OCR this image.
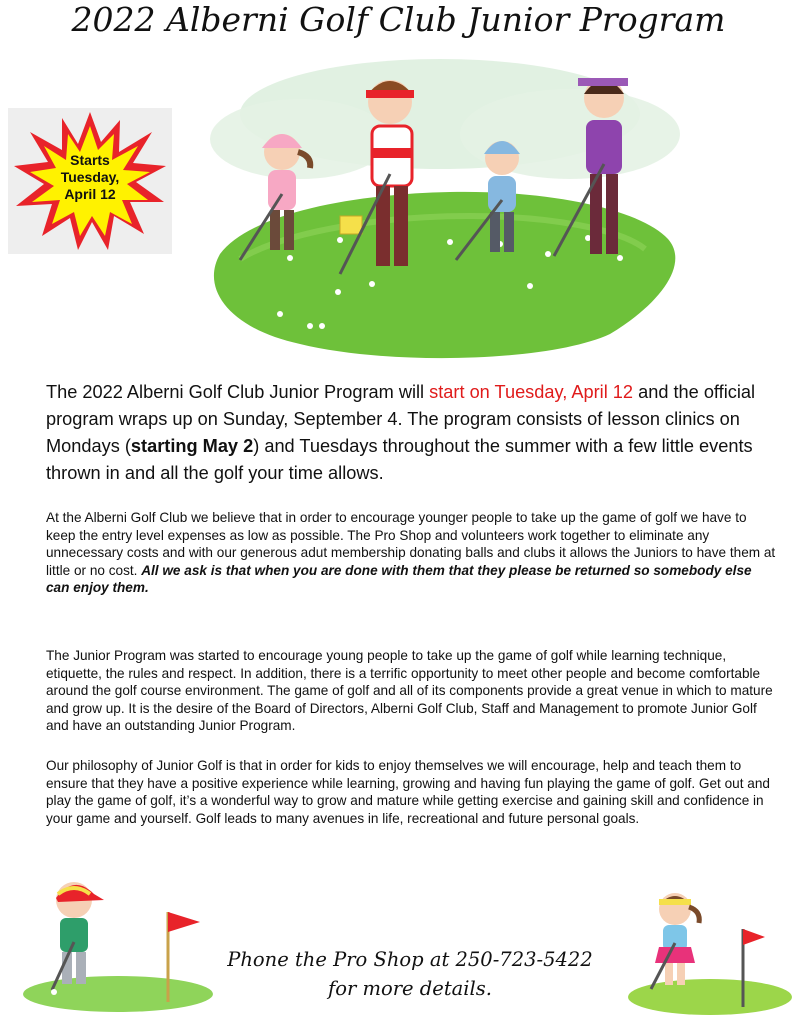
2022 Alberni Golf Club Junior Program
Starts
Tuesday,
April 12
The 2022 Alberni Golf Club Junior Program will start on Tuesday, April 12 and the official program wraps up on Sunday, September 4. The program consists of lesson clinics on Mondays (starting May 2) and Tuesdays throughout the summer with a few little events thrown in and all the golf your time allows.
At the Alberni Golf Club we believe that in order to encourage younger people to take up the game of golf we have to keep the entry level expenses as low as possible. The Pro Shop and volunteers work together to eliminate any unnecessary costs and with our generous adut membership donating balls and clubs it allows the Juniors to have them at little or no cost. All we ask is that when you are done with them that they please be returned so somebody else can enjoy them.
The Junior Program was started to encourage young people to take up the game of golf while learning technique, etiquette, the rules and respect. In addition, there is a terrific opportunity to meet other people and become comfortable around the golf course environment. The game of golf and all of its components provide a great venue in which to mature and grow up. It is the desire of the Board of Directors, Alberni Golf Club, Staff and Management to promote Junior Golf and have an outstanding Junior Program.
Our philosophy of Junior Golf is that in order for kids to enjoy themselves we will encourage, help and teach them to ensure that they have a positive experience while learning, growing and having fun playing the game of golf. Get out and play the game of golf, it’s a wonderful way to grow and mature while getting exercise and gaining skill and confidence in your game and yourself. Golf leads to many avenues in life, recreational and future personal goals.
Phone the Pro Shop at 250-723-5422
for more details.
